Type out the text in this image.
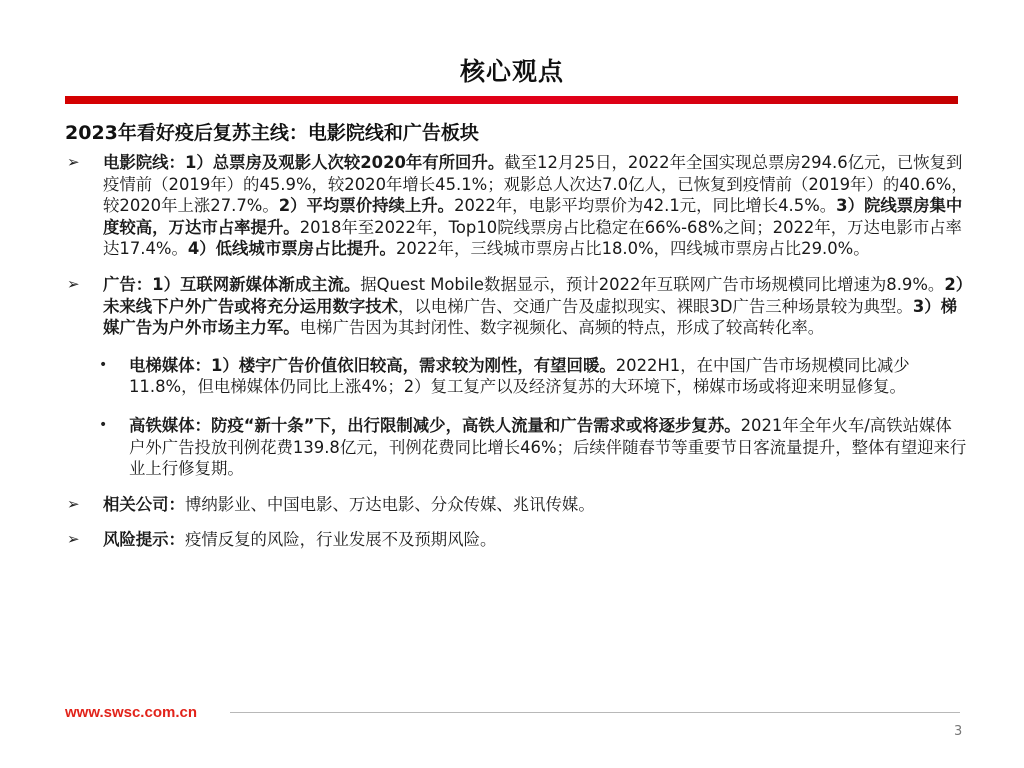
核心观点
2023年看好疫后复苏主线：电影院线和广告板块
➢	电影院线：1）总票房及观影人次较2020年有所回升。截至12月25日，2022年全国实现总票房294.6亿元，已恢复到疫情前（2019年）的45.9%，较2020年增长45.1%；观影总人次达7.0亿人，已恢复到疫情前（2019年）的40.6%，较2020年上涨27.7%。2）平均票价持续上升。2022年，电影平均票价为42.1元，同比增长4.5%。3）院线票房集中度较高，万达市占率提升。2018年至2022年，Top10院线票房占比稳定在66%-68%之间；2022年，万达电影市占率达17.4%。4）低线城市票房占比提升。2022年，三线城市票房占比18.0%，四线城市票房占比29.0%。
➢	广告：1）互联网新媒体渐成主流。据Quest Mobile数据显示，预计2022年互联网广告市场规模同比增速为8.9%。2）未来线下户外广告或将充分运用数字技术，以电梯广告、交通广告及虚拟现实、裸眼3D广告三种场景较为典型。3）梯媒广告为户外市场主力军。电梯广告因为其封闭性、数字视频化、高频的特点，形成了较高转化率。
•	电梯媒体：1）楼宇广告价值依旧较高，需求较为刚性，有望回暖。2022H1，在中国广告市场规模同比减少11.8%，但电梯媒体仍同比上涨4%；2）复工复产以及经济复苏的大环境下，梯媒市场或将迎来明显修复。
•	高铁媒体：防疫“新十条”下，出行限制减少，高铁人流量和广告需求或将逐步复苏。2021年全年火车/高铁站媒体户外广告投放刊例花费139.8亿元，刊例花费同比增长46%；后续伴随春节等重要节日客流量提升，整体有望迎来行业上行修复期。
➢	相关公司：博纳影业、中国电影、万达电影、分众传媒、兆讯传媒。
➢	风险提示：疫情反复的风险，行业发展不及预期风险。
www.swsc.com.cn
3
